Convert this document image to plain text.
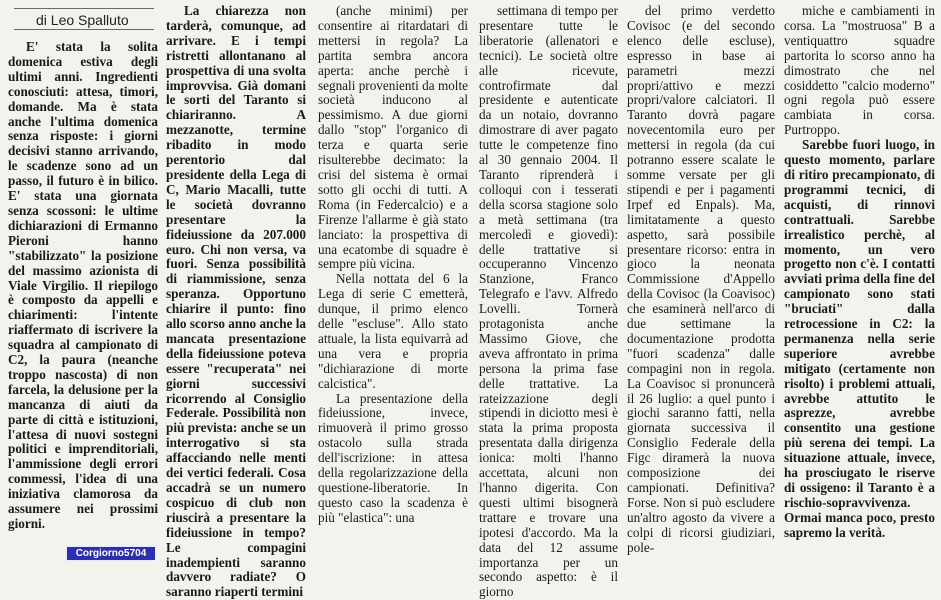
di Leo Spalluto

E' stata la solita domenica estiva degli ultimi anni. Ingredienti conosciuti: attesa, timori, domande. Ma è stata anche l'ultima domenica senza risposte: i giorni decisivi stanno arrivando, le scadenze sono ad un passo, il futuro è in bilico. E' stata una giornata senza scossoni: le ultime dichiarazioni di Ermanno Pieroni hanno "stabilizzato" la posizione del massimo azionista di Viale Virgilio. Il riepilogo è composto da appelli e chiarimenti: l'intente riaffermato di iscrivere la squadra al campionato di C2, la paura (neanche troppo nascosta) di non farcela, la delusione per la mancanza di aiuti da parte di città e istituzioni, l'attesa di nuovi sostegni politici e imprenditoriali, l'ammissione degli errori commessi, l'idea di una iniziativa clamorosa da assumere nei prossimi giorni.

La chiarezza non tarderà, comunque, ad arrivare. E i tempi ristretti allontanano al prospettiva di una svolta improvvisa. Già domani le sorti del Taranto si chiariranno. A mezzanotte, termine ribadito in modo perentorio dal presidente della Lega di C, Mario Macalli, tutte le società dovranno presentare la fideiussione da 207.000 euro. Chi non versa, va fuori. Senza possibilità di riammissione, senza speranza. Opportuno chiarire il punto: fino allo scorso anno anche la mancata presentazione della fideiussione poteva essere "recuperata" nei giorni successivi ricorrendo al Consiglio Federale. Possibilità non più prevista: anche se un interrogativo si sta affacciando nelle menti dei vertici federali. Cosa accadrà se un numero cospicuo di club non riuscirà a presentare la fideiussione in tempo? Le compagini inadempienti saranno davvero radiate? O saranno riaperti termini

(anche minimi) per consentire ai ritardatari di mettersi in regola? La partita sembra ancora aperta: anche perchè i segnali provenienti da molte società inducono al pessimismo. A due giorni dallo "stop" l'organico di terza e quarta serie risulterebbe decimato: la crisi del sistema è ormai sotto gli occhi di tutti. A Roma (in Federcalcio) e a Firenze l'allarme è già stato lanciato: la prospettiva di una ecatombe di squadre è sempre più vicina.

Nella nottata del 6 la Lega di serie C emetterà, dunque, il primo elenco delle "escluse". Allo stato attuale, la lista equivarrà ad una vera e propria "dichiarazione di morte calcistica".

La presentazione della fideiussione, invece, rimuoverà il primo grosso ostacolo sulla strada dell'iscrizione: in attesa della regolarizzazione della questione-liberatorie. In questo caso la scadenza è più "elastica": una

settimana di tempo per presentare tutte le liberatorie (allenatori e tecnici). Le società oltre alle ricevute, controfirmate dal presidente e autenticate da un notaio, dovranno dimostrare di aver pagato tutte le competenze fino al 30 gennaio 2004. Il Taranto riprenderà i colloqui con i tesserati della scorsa stagione solo a metà settimana (tra mercoledì e giovedì): delle trattative si occuperanno Vincenzo Stanzione, Franco Telegrafo e l'avv. Alfredo Lovelli. Tornerà protagonista anche Massimo Giove, che aveva affrontato in prima persona la prima fase delle trattative. La rateizzazione degli stipendi in diciotto mesi è stata la prima proposta presentata dalla dirigenza ionica: molti l'hanno accettata, alcuni non l'hanno digerita. Con questi ultimi bisognerà trattare e trovare una ipotesi d'accordo. Ma la data del 12 assume importanza per un secondo aspetto: è il giorno

del primo verdetto Covisoc (e del secondo elenco delle escluse), espresso in base ai parametri mezzi propri/attivo e mezzi propri/valore calciatori. Il Taranto dovrà pagare novecentomila euro per mettersi in regola (da cui potranno essere scalate le somme versate per gli stipendi e per i pagamenti Irpef ed Enpals). Ma, limitatamente a questo aspetto, sarà possibile presentare ricorso: entra in gioco la neonata Commissione d'Appello della Covisoc (la Coavisoc) che esaminerà nell'arco di due settimane la documentazione prodotta "fuori scadenza" dalle compagini non in regola. La Coavisoc si pronuncerà il 26 luglio: a quel punto i giochi saranno fatti, nella giornata successiva il Consiglio Federale della Figc diramerà la nuova composizione dei campionati. Definitiva? Forse. Non si può escludere un'altro agosto da vivere a colpi di ricorsi giudiziari, pole-

miche e cambiamenti in corsa. La "mostruosa" B a ventiquattro squadre partorita lo scorso anno ha dimostrato che nel cosiddetto "calcio moderno" ogni regola può essere cambiata in corsa. Purtroppo.

Sarebbe fuori luogo, in questo momento, parlare di ritiro precampionato, di programmi tecnici, di acquisti, di rinnovi contrattuali. Sarebbe irrealistico perchè, al momento, un vero progetto non c'è. I contatti avviati prima della fine del campionato sono stati "bruciati" dalla retrocessione in C2: la permanenza nella serie superiore avrebbe mitigato (certamente non risolto) i problemi attuali, avrebbe attutito le asprezze, avrebbe consentito una gestione più serena dei tempi. La situazione attuale, invece, ha prosciugato le riserve di ossigeno: il Taranto è a rischio-sopravvivenza. Ormai manca poco, presto sapremo la verità.

Corgiorno5704
